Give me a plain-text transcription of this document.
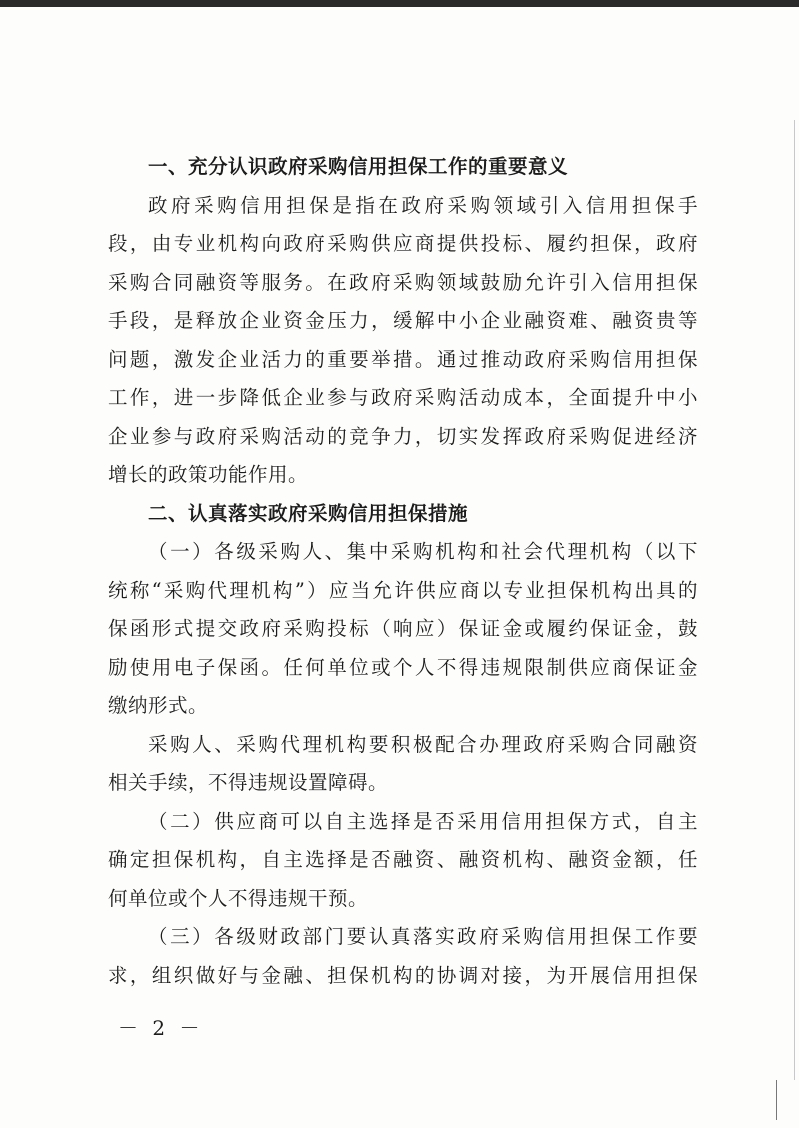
一、充分认识政府采购信用担保工作的重要意义
政府采购信用担保是指在政府采购领域引入信用担保手
段，由专业机构向政府采购供应商提供投标、履约担保，政府
采购合同融资等服务。在政府采购领域鼓励允许引入信用担保
手段，是释放企业资金压力，缓解中小企业融资难、融资贵等
问题，激发企业活力的重要举措。通过推动政府采购信用担保
工作，进一步降低企业参与政府采购活动成本，全面提升中小
企业参与政府采购活动的竞争力，切实发挥政府采购促进经济
增长的政策功能作用。
二、认真落实政府采购信用担保措施
（一）各级采购人、集中采购机构和社会代理机构（以下
统称“采购代理机构”）应当允许供应商以专业担保机构出具的
保函形式提交政府采购投标（响应）保证金或履约保证金，鼓
励使用电子保函。任何单位或个人不得违规限制供应商保证金
缴纳形式。
采购人、采购代理机构要积极配合办理政府采购合同融资
相关手续，不得违规设置障碍。
（二）供应商可以自主选择是否采用信用担保方式，自主
确定担保机构，自主选择是否融资、融资机构、融资金额，任
何单位或个人不得违规干预。
（三）各级财政部门要认真落实政府采购信用担保工作要
求，组织做好与金融、担保机构的协调对接，为开展信用担保
－ 2 －
